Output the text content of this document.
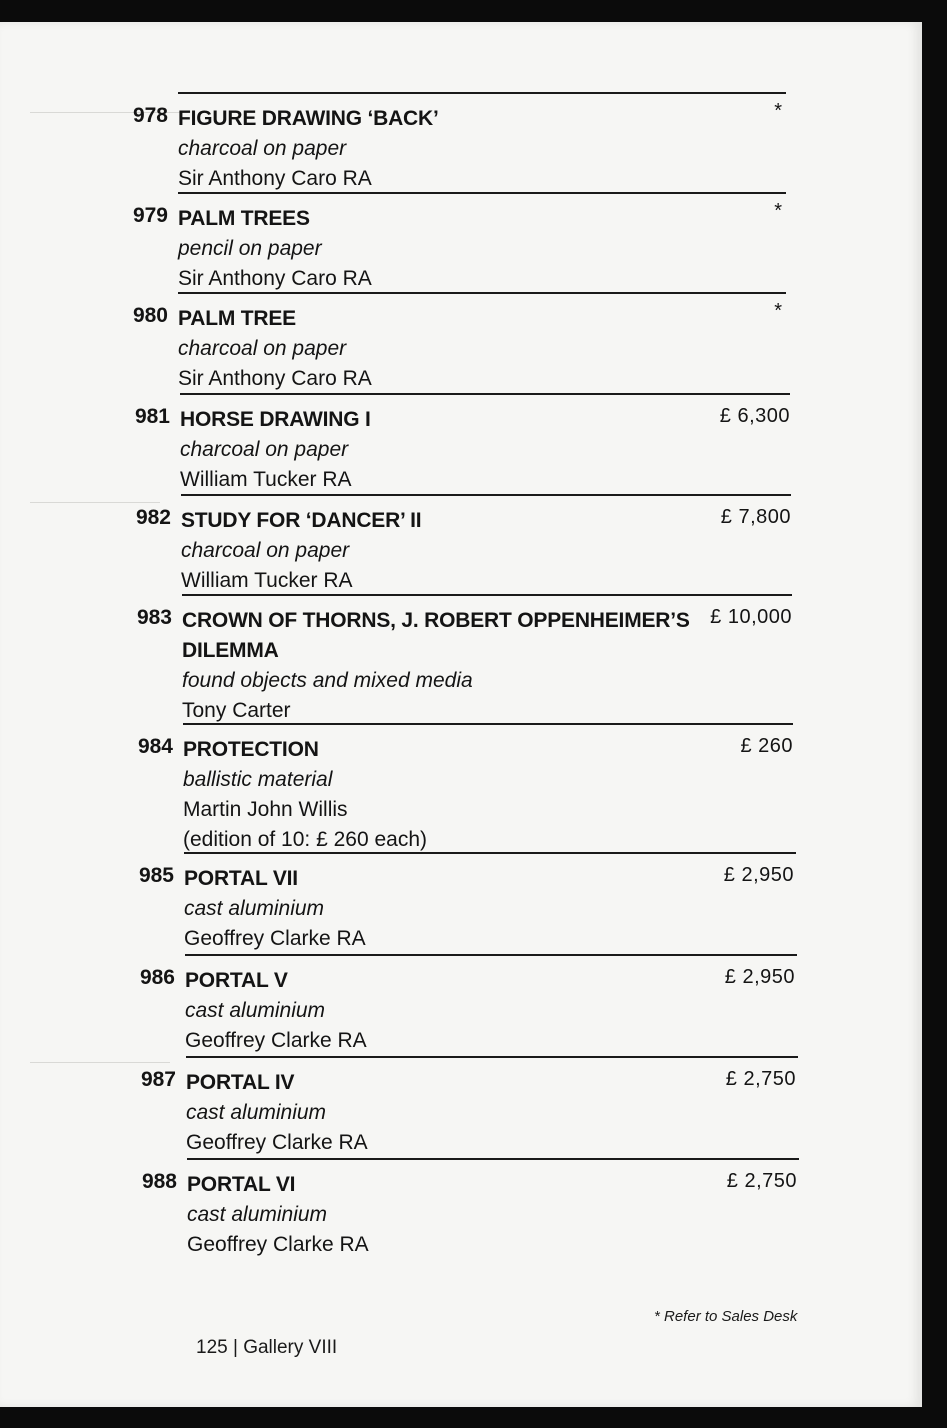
978 FIGURE DRAWING ‘BACK’
charcoal on paper
Sir Anthony Caro RA
*
979 PALM TREES
pencil on paper
Sir Anthony Caro RA
*
980 PALM TREE
charcoal on paper
Sir Anthony Caro RA
*
981 HORSE DRAWING I
charcoal on paper
William Tucker RA
£ 6,300
982 STUDY FOR ‘DANCER’ II
charcoal on paper
William Tucker RA
£ 7,800
983 CROWN OF THORNS, J. ROBERT OPPENHEIMER’S
DILEMMA
found objects and mixed media
Tony Carter
£ 10,000
984 PROTECTION
ballistic material
Martin John Willis
(edition of 10: £ 260 each)
£ 260
985 PORTAL VII
cast aluminium
Geoffrey Clarke RA
£ 2,950
986 PORTAL V
cast aluminium
Geoffrey Clarke RA
£ 2,950
987 PORTAL IV
cast aluminium
Geoffrey Clarke RA
£ 2,750
988 PORTAL VI
cast aluminium
Geoffrey Clarke RA
£ 2,750
* Refer to Sales Desk
125 | Gallery VIII
